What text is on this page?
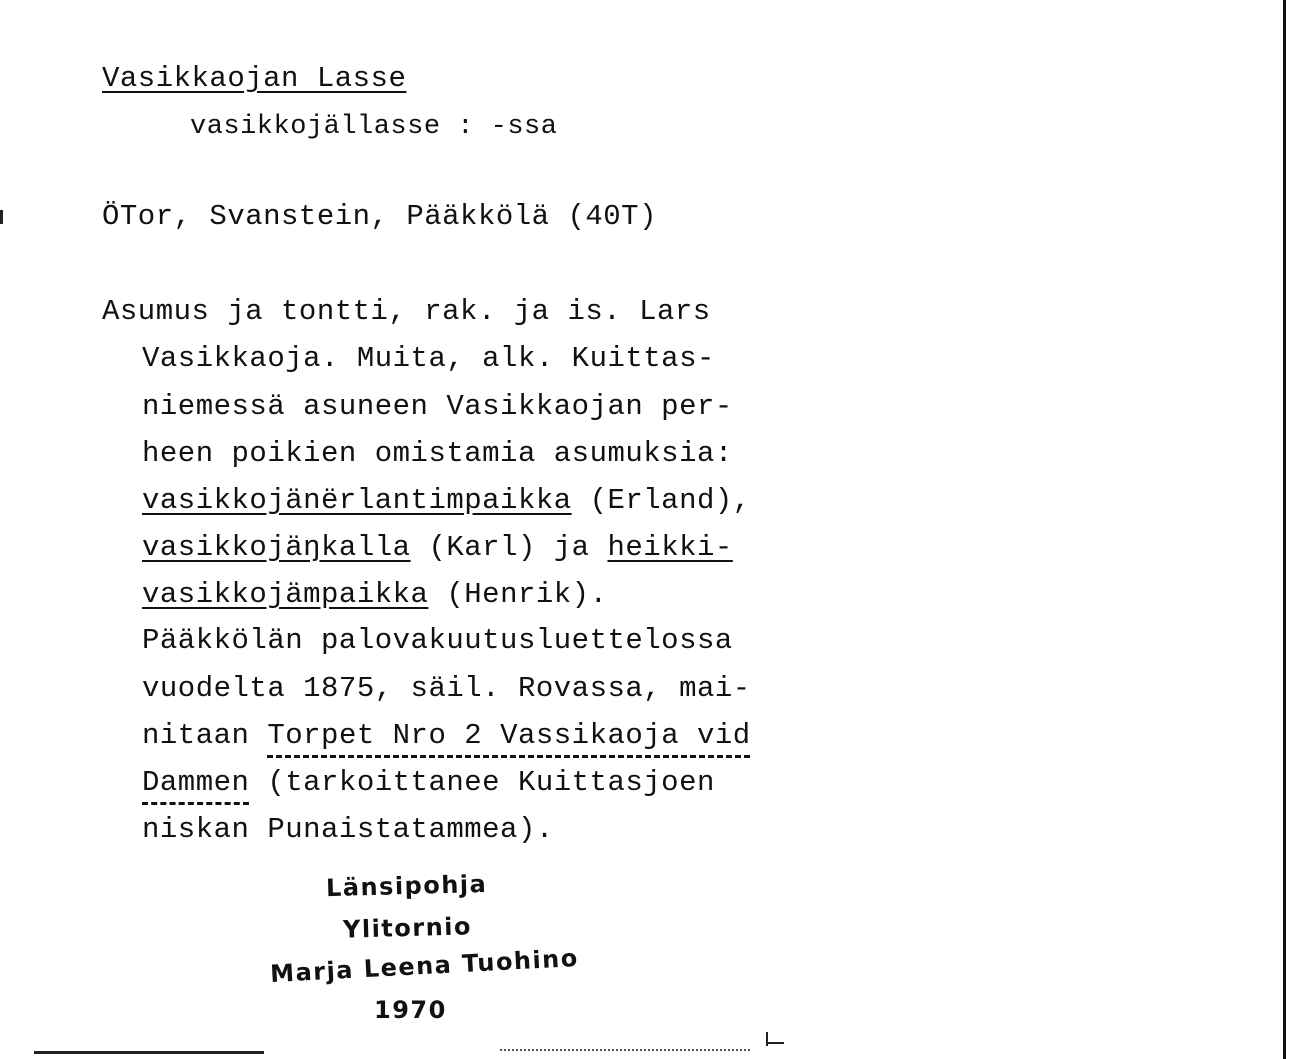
Vasikkaojan Lasse
vasikkojällasse : -ssa
ÖTor, Svanstein, Pääkkölä (40T)
Asumus ja tontti, rak. ja is. Lars
Vasikkaoja. Muita, alk. Kuittas-
niemessä asuneen Vasikkaojan per-
heen poikien omistamia asumuksia:
vasikkojänërlantimpaikka (Erland),
vasikkojäŋkalla (Karl) ja heikki-
vasikkojämpaikka (Henrik).
Pääkkölän palovakuutusluettelossa
vuodelta 1875, säil. Rovassa, mai-
nitaan Torpet Nro 2 Vassikaoja vid
Dammen (tarkoittanee Kuittasjoen
niskan Punaistatammea).
Länsipohja
Ylitornio
Marja Leena Tuohino
1970
